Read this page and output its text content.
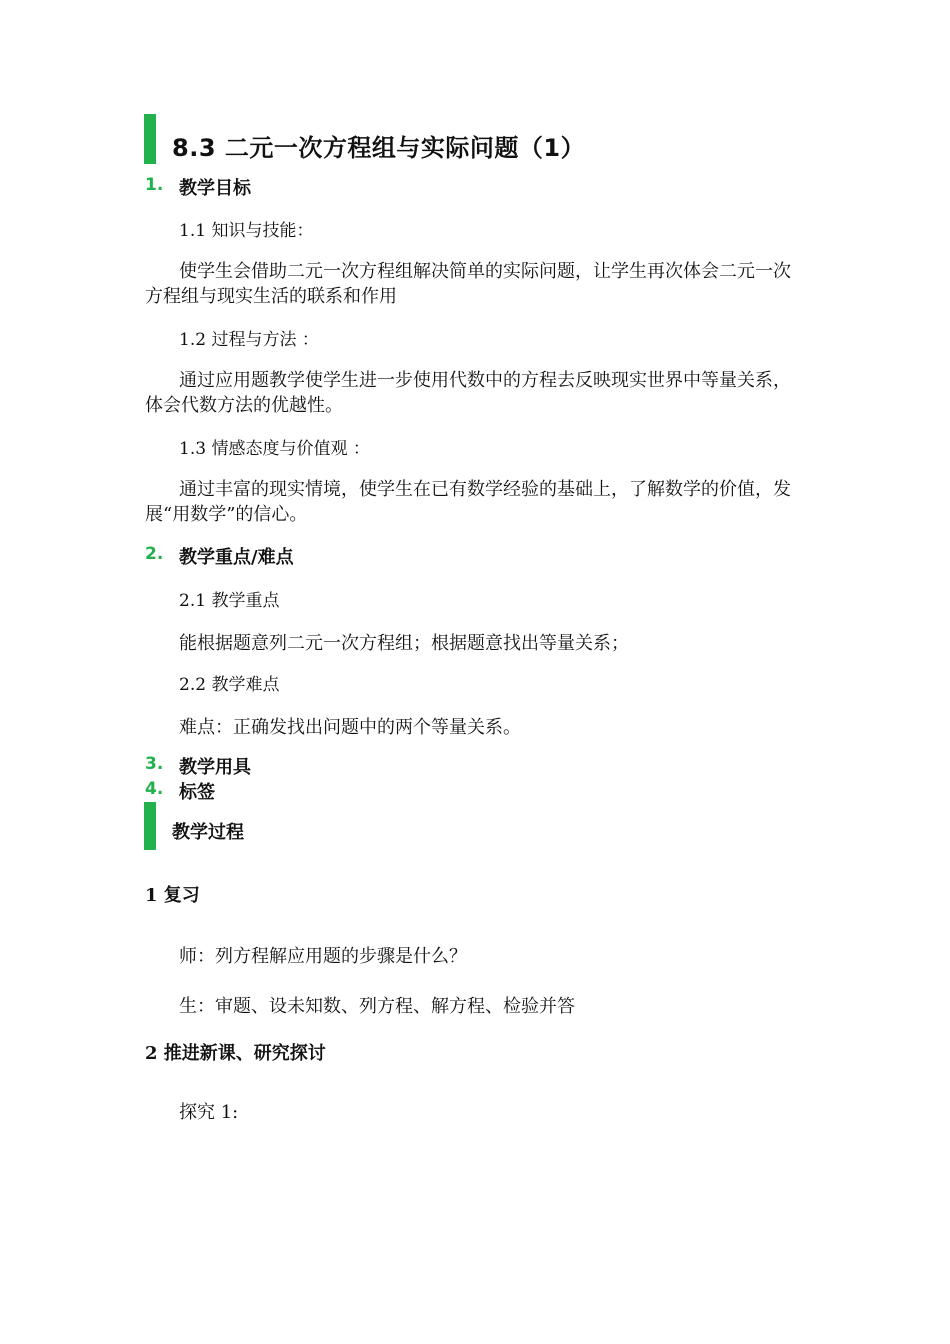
8.3 二元一次方程组与实际问题（1）
1. 教学目标
1.1 知识与技能：
使学生会借助二元一次方程组解决简单的实际问题，让学生再次体会二元一次方程组与现实生活的联系和作用
1.2 过程与方法 ：
通过应用题教学使学生进一步使用代数中的方程去反映现实世界中等量关系，体会代数方法的优越性。
1.3 情感态度与价值观 ：
通过丰富的现实情境，使学生在已有数学经验的基础上，了解数学的价值，发展“用数学”的信心。
2. 教学重点/难点
2.1 教学重点
能根据题意列二元一次方程组；根据题意找出等量关系；
2.2 教学难点
难点：正确发找出问题中的两个等量关系。
3. 教学用具
4. 标签
教学过程
1 复习
师：列方程解应用题的步骤是什么？
生：审题、设未知数、列方程、解方程、检验并答
2 推进新课、研究探讨
探究 1:
